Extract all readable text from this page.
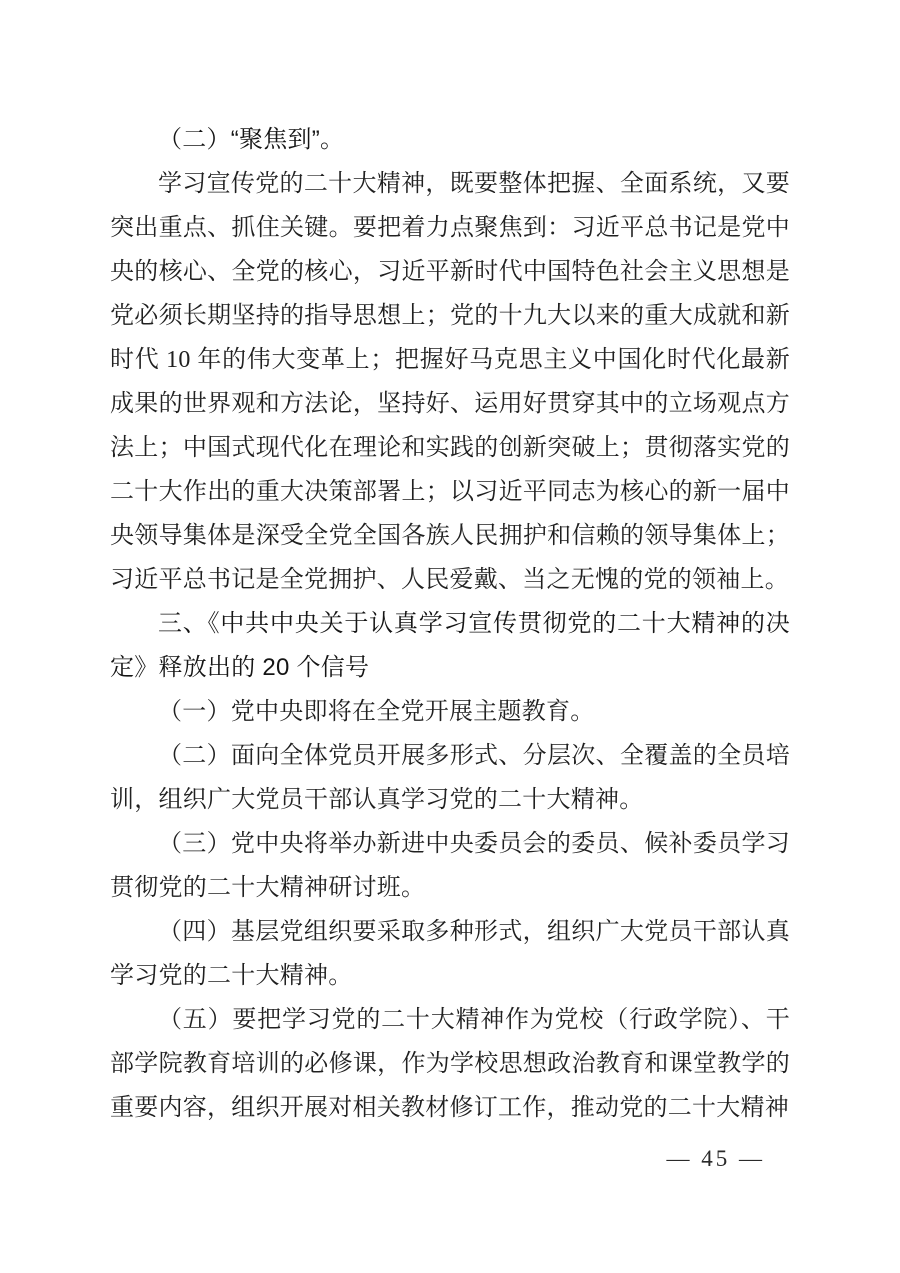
（二）“聚焦到”。

学习宣传党的二十大精神，既要整体把握、全面系统，又要突出重点、抓住关键。要把着力点聚焦到：习近平总书记是党中央的核心、全党的核心，习近平新时代中国特色社会主义思想是党必须长期坚持的指导思想上；党的十九大以来的重大成就和新时代 10 年的伟大变革上；把握好马克思主义中国化时代化最新成果的世界观和方法论，坚持好、运用好贯穿其中的立场观点方法上；中国式现代化在理论和实践的创新突破上；贯彻落实党的二十大作出的重大决策部署上；以习近平同志为核心的新一届中央领导集体是深受全党全国各族人民拥护和信赖的领导集体上；习近平总书记是全党拥护、人民爱戴、当之无愧的党的领袖上。

三、《中共中央关于认真学习宣传贯彻党的二十大精神的决定》释放出的 20 个信号

（一）党中央即将在全党开展主题教育。

（二）面向全体党员开展多形式、分层次、全覆盖的全员培训，组织广大党员干部认真学习党的二十大精神。

（三）党中央将举办新进中央委员会的委员、候补委员学习贯彻党的二十大精神研讨班。

（四）基层党组织要采取多种形式，组织广大党员干部认真学习党的二十大精神。

（五）要把学习党的二十大精神作为党校（行政学院）、干部学院教育培训的必修课，作为学校思想政治教育和课堂教学的重要内容，组织开展对相关教材修订工作，推动党的二十大精神

— 45 —
